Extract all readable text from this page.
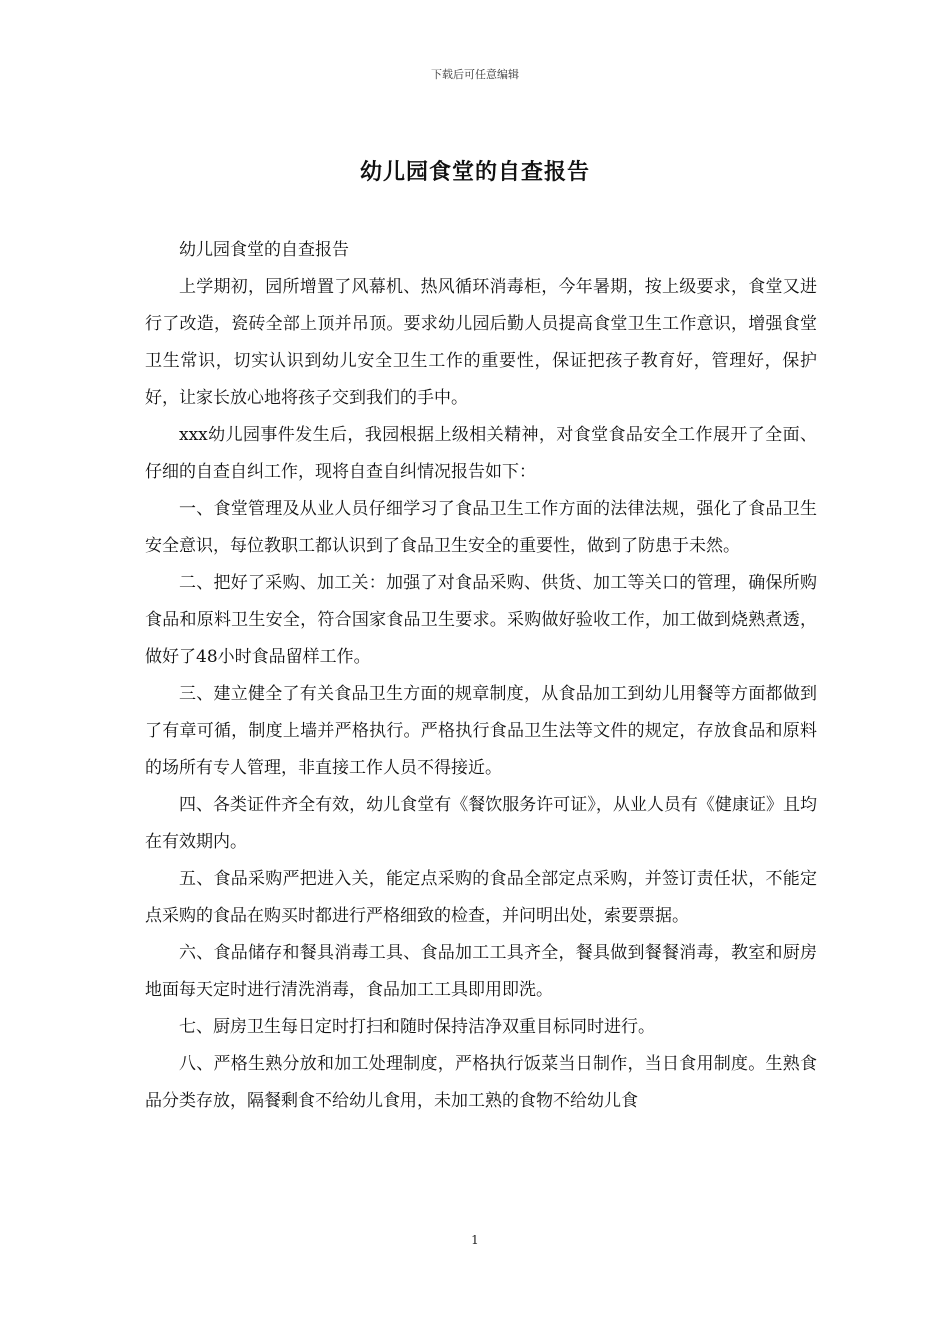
下载后可任意编辑
幼儿园食堂的自查报告

幼儿园食堂的自查报告

上学期初，园所增置了风幕机、热风循环消毒柜，今年暑期，按上级要求，食堂又进行了改造，瓷砖全部上顶并吊顶。要求幼儿园后勤人员提高食堂卫生工作意识，增强食堂卫生常识，切实认识到幼儿安全卫生工作的重要性，保证把孩子教育好，管理好，保护好，让家长放心地将孩子交到我们的手中。

xxx幼儿园事件发生后，我园根据上级相关精神，对食堂食品安全工作展开了全面、仔细的自查自纠工作，现将自查自纠情况报告如下：

一、食堂管理及从业人员仔细学习了食品卫生工作方面的法律法规，强化了食品卫生安全意识，每位教职工都认识到了食品卫生安全的重要性，做到了防患于未然。

二、把好了采购、加工关：加强了对食品采购、供货、加工等关口的管理，确保所购食品和原料卫生安全，符合国家食品卫生要求。采购做好验收工作，加工做到烧熟煮透，做好了48小时食品留样工作。

三、建立健全了有关食品卫生方面的规章制度，从食品加工到幼儿用餐等方面都做到了有章可循，制度上墙并严格执行。严格执行食品卫生法等文件的规定，存放食品和原料的场所有专人管理，非直接工作人员不得接近。

四、各类证件齐全有效，幼儿食堂有《餐饮服务许可证》，从业人员有《健康证》且均在有效期内。

五、食品采购严把进入关，能定点采购的食品全部定点采购，并签订责任状，不能定点采购的食品在购买时都进行严格细致的检查，并问明出处，索要票据。

六、食品储存和餐具消毒工具、食品加工工具齐全，餐具做到餐餐消毒，教室和厨房地面每天定时进行清洗消毒，食品加工工具即用即洗。

七、厨房卫生每日定时打扫和随时保持洁净双重目标同时进行。

八、严格生熟分放和加工处理制度，严格执行饭菜当日制作，当日食用制度。生熟食品分类存放，隔餐剩食不给幼儿食用，未加工熟的食物不给幼儿食

1
